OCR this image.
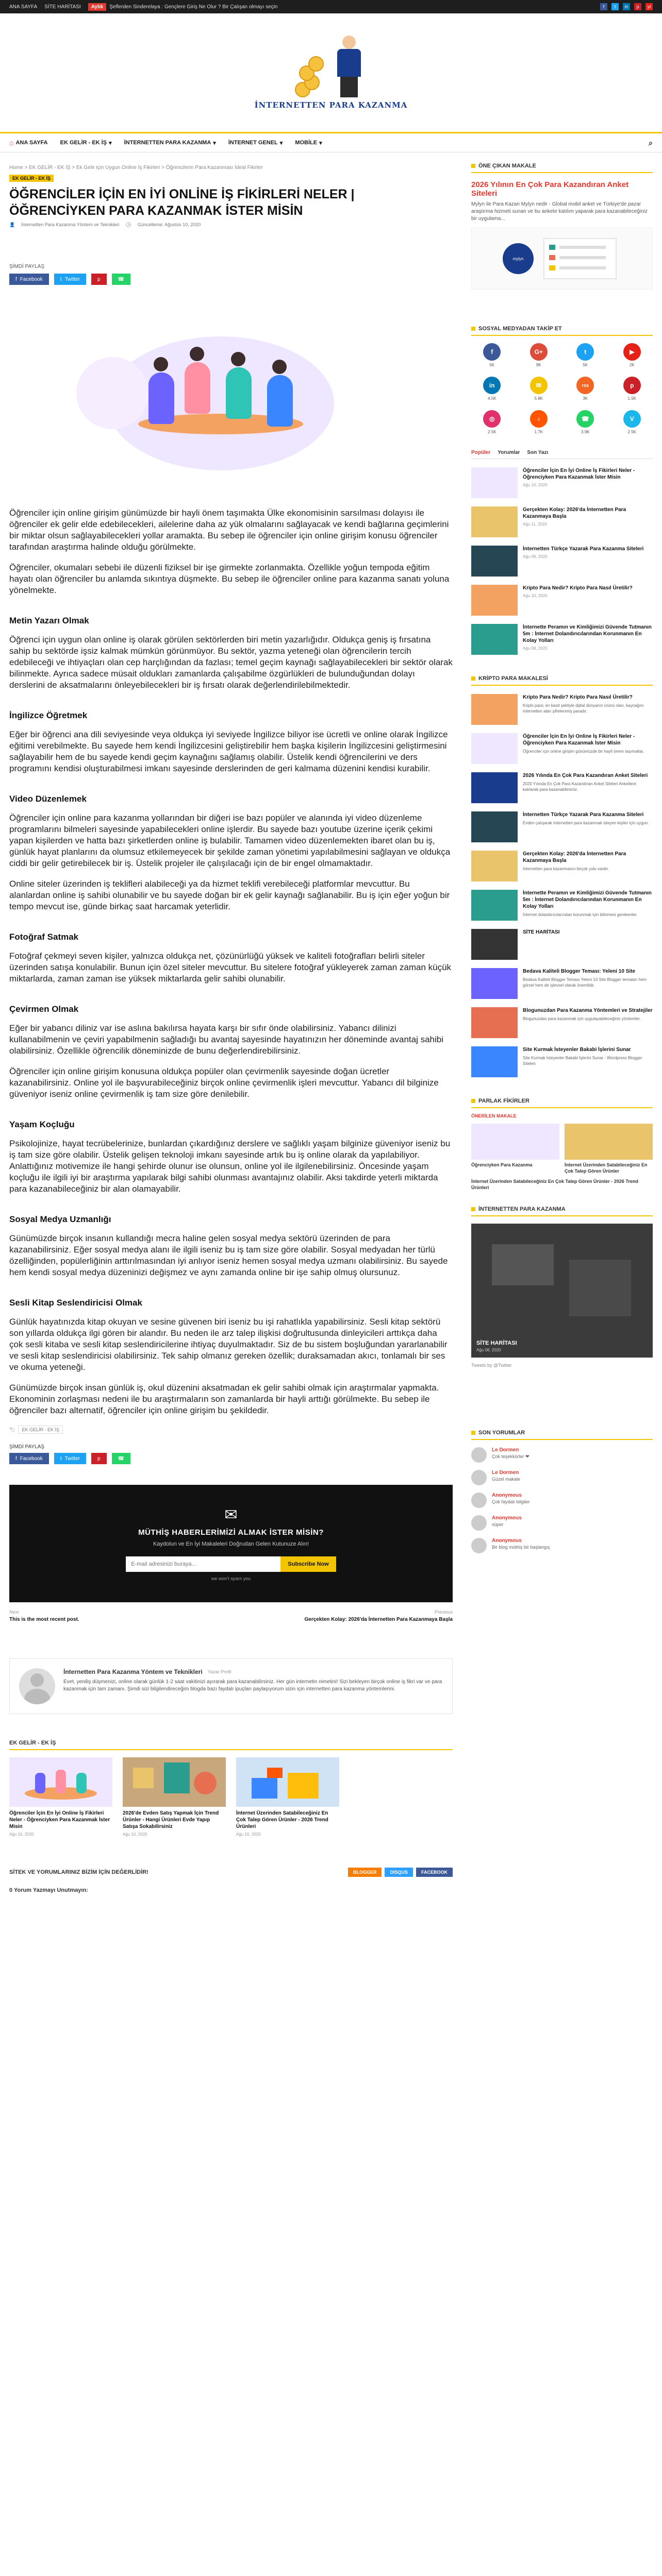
ANA SAYFA SİTE HARİTASI	Aylık Şeflerden Sinderelaya : Gençlere Giriş Ne Olur ? Bir Çalışan olmayı seçin	f	t	in	p	yt
İNTERNETTEN PARA KAZANMA
⌂ ANA SAYFA EK GELİR - EK İŞ ▾ İNTERNETTEN PARA KAZANMA ▾ İNTERNET GENEL ▾ MOBİLE ▾	⌕
Home > EK GELİR - EK İŞ > Ek Gelir için Uygun Online İş Fikirleri > Öğrencilerin Para Kazanması İdeal Fikirler
EK GELİR - EK İŞ
ÖĞRENCİLER İÇİN EN İYİ ONLİNE İŞ FİKİRLERİ NELER | ÖĞRENCİYKEN PARA KAZANMAK İSTER MİSİN
👤 İnternetten Para Kazanma Yöntem ve Teknikleri 🕓 Güncelleme: Ağustos 10, 2020
ŞİMDİ PAYLAŞ
f Facebook	t Twitter	p	☎

Öğrenciler için online girişim günümüzde bir hayli önem taşımakta Ülke ekonomisinin sarsılması dolayısı ile öğrenciler ek gelir elde edebilecekleri, ailelerine daha az yük olmalarını sağlayacak ve kendi bağlarına geçimlerini bir miktar olsun sağlayabilecekleri yollar aramakta. Bu sebep ile öğrenciler için online girişim konusu öğrenciler tarafından araştırma halinde olduğu görülmekte.

Öğrenciler, okumaları sebebi ile düzenli fiziksel bir işe girmekte zorlanmakta. Özellikle yoğun tempoda eğitim hayatı olan öğrenciler bu anlamda sıkıntıya düşmekte. Bu sebep ile öğrenciler online para kazanma sanatı yoluna yönelmekte.

Metin Yazarı Olmak

Öğrenci için uygun olan online iş olarak görülen sektörlerden biri metin yazarlığıdır. Oldukça geniş iş fırsatına sahip bu sektörde işsiz kalmak mümkün görünmüyor. Bu sektör, yazma yeteneği olan öğrencilerin tercih edebileceği ve ihtiyaçları olan cep harçlığından da fazlası; temel geçim kaynağı sağlayabilecekleri bir sektör olarak bilinmekte. Ayrıca sadece müsait oldukları zamanlarda çalışabilme özgürlükleri de bulunduğundan dolayı derslerini de aksatmalarını önleyebilecekleri bir iş fırsatı olarak değerlendirilebilmektedir.

İngilizce Öğretmek

Eğer bir öğrenci ana dili seviyesinde veya oldukça iyi seviyede İngilizce biliyor ise ücretli ve online olarak İngilizce eğitimi verebilmekte. Bu sayede hem kendi İngilizcesini geliştirebilir hem başka kişilerin İngilizcesini geliştirmesini sağlayabilir hem de bu sayede kendi geçim kaynağını sağlamış olabilir. Üstelik kendi öğrencilerini ve ders programını kendisi oluşturabilmesi imkanı sayesinde derslerinden de geri kalmama düzenini kendisi kurabilir.

Video Düzenlemek

Öğrenciler için online para kazanma yollarından bir diğeri ise bazı popüler ve alanında iyi video düzenleme programlarını bilmeleri sayesinde yapabilecekleri online işlerdir. Bu sayede bazı youtube üzerine içerik çekimi yapan kişilerden ve hatta bazı şirketlerden online iş bulabilir. Tamamen video düzenlemekten ibaret olan bu iş, günlük hayat planlarını da olumsuz etkilemeyecek bir şekilde zaman yönetimi yapılabilmesini sağlayan ve oldukça ciddi bir gelir getirebilecek bir iş. Üstelik projeler ile çalışılacağı için de bir engel olmamaktadır.

Online siteler üzerinden iş teklifleri alabileceği ya da hizmet teklifi verebileceği platformlar mevcuttur. Bu alanlardan online iş sahibi olunabilir ve bu sayede doğan bir ek gelir kaynağı sağlanabilir. Bu iş için eğer yoğun bir tempo mevcut ise, günde birkaç saat harcamak yeterlidir.

Fotoğraf Satmak

Fotoğraf çekmeyi seven kişiler, yalnızca oldukça net, çözünürlüğü yüksek ve kaliteli fotoğrafları belirli siteler üzerinden satışa konulabilir. Bunun için özel siteler mevcuttur. Bu sitelere fotoğraf yükleyerek zaman zaman küçük miktarlarda, zaman zaman ise yüksek miktarlarda gelir sahibi olunabilir.

Çevirmen Olmak

Eğer bir yabancı diliniz var ise aslına bakılırsa hayata karşı bir sıfır önde olabilirsiniz. Yabancı dilinizi kullanabilmenin ve çeviri yapabilmenin sağladığı bu avantaj sayesinde hayatınızın her döneminde avantaj sahibi olabilirsiniz. Özellikle öğrencilik döneminizde de bunu değerlendirebilirsiniz.

Öğrenciler için online girişim konusuna oldukça popüler olan çevirmenlik sayesinde doğan ücretler kazanabilirsiniz. Online yol ile başvurabileceğiniz birçok online çevirmenlik işleri mevcuttur. Yabancı dil bilginize güveniyor iseniz online çevirmenlik iş tam size göre denilebilir.

Yaşam Koçluğu

Psikolojinize, hayat tecrübelerinize, bunlardan çıkardığınız derslere ve sağlıklı yaşam bilginize güveniyor iseniz bu iş tam size göre olabilir. Üstelik gelişen teknoloji imkanı sayesinde artık bu iş online olarak da yapılabiliyor. Anlattığınız motivemize ile hangi şehirde olunur ise olunsun, online yol ile ilgilenebilirsiniz. Öncesinde yaşam koçluğu ile ilgili iyi bir araştırma yapılarak bilgi sahibi olunması avantajınız olabilir. Aksi takdirde yeterli miktarda para kazanabileceğiniz bir alan olamayabilir.

Sosyal Medya Uzmanlığı

Günümüzde birçok insanın kullandığı mecra haline gelen sosyal medya sektörü üzerinden de para kazanabilirsiniz. Eğer sosyal medya alanı ile ilgili iseniz bu iş tam size göre olabilir. Sosyal medyadan her türlü özelliğinden, popülerliğinin arttırılmasından iyi anlıyor iseniz hemen sosyal medya uzmanı olabilirsiniz. Bu sayede hem kendi sosyal medya düzeninizi değişmez ve aynı zamanda online bir işe sahip olmuş olursunuz.

Sesli Kitap Seslendiricisi Olmak

Günlük hayatınızda kitap okuyan ve sesine güvenen biri iseniz bu işi rahatlıkla yapabilirsiniz. Sesli kitap sektörü son yıllarda oldukça ilgi gören bir alandır. Bu neden ile arz talep ilişkisi doğrultusunda dinleyicileri arttıkça daha çok sesli kitaba ve sesli kitap seslendiricilerine ihtiyaç duyulmaktadır. Siz de bu sistem boşluğundan yararlanabilir ve sesli kitap seslendiricisi olabilirsiniz. Tek sahip olmanız gereken özellik; duraksamadan akıcı, tonlamalı bir ses ve okuma yeteneği.

Günümüzde birçok insan günlük iş, okul düzenini aksatmadan ek gelir sahibi olmak için araştırmalar yapmakta. Ekonominin zorlaşması nedeni ile bu araştırmaların son zamanlarda bir hayli arttığı görülmekte. Bu sebep ile öğrenciler bazı alternatif, öğrenciler için online girişim bu şekildedir.

🏷	EK GELİR - EK İŞ
ŞİMDİ PAYLAŞ
f Facebook	t Twitter	p	☎
✉
MÜTHİŞ HABERLERİMİZİ ALMAK İSTER MİSİN?
Kaydolun ve En İyi Makaleleri Doğrudan Gelen Kutunuze Alın!
E-mail adresinizi buraya...
Subscribe Now
we won't spam you
Next
This is the most recent post.
Previous
Gerçekten Kolay: 2026'da İnternetten Para Kazanmaya Başla
İnternetten Para Kazanma Yöntem ve Teknikleri Yazar Profil
Evet, yeniliş düşmenizi, online olarak günlük 1-2 saat vakitinizi ayırarak para kazanabilirsiniz. Her gün internetin nimetini! Sizi bekleyen birçok online iş fikri var ve para kazanmak için tam zamanı. Şimdi sizi bilgilendireceğim blogda bazı faydalı ipuçları paylaşıyorum sizin için internetten para kazanma yöntemlerini.
EK GELİR - EK İŞ
Öğrenciler İçin En İyi Online İş Fikirleri Neler - Öğrenciyken Para Kazanmak İster Misin
Ağu 10, 2020
2026'de Evden Satış Yapmak İçin Trend Ürünler - Hangi Ürünleri Evde Yapıp Satışa Sokabilirsiniz
Ağu 10, 2020
İnternet Üzerinden Satabileceğiniz En Çok Talep Gören Ürünler - 2026 Trend Ürünleri
Ağu 10, 2020
SİTEK VE YORUMLARINIZ BİZİM İÇİN DEĞERLİDİR!	BLOGGER	DISQUS	FACEBOOK
0 Yorum Yazmayı Unutmayın:
ÖNE ÇIKAN MAKALE
2026 Yılının En Çok Para Kazandıran Anket Siteleri
Mylyn ile Para Kazan Mylyn nedir - Global mobil anket ve Türkiye'de pazar araştırma hizmeti sunan ve bu ankete katılım yaparak para kazanabileceğiniz bir uygulama...
mylyn
SOSYAL MEDYADAN TAKİP ET
f
5K
G+
9K
t
5K
▶
2K
in
4.5K
✉
5.8K
rss
3K
p
1.5K
◎
2.5K
♪
1.7K
☎
3.9K
V
2.5K
Popüler Yorumlar Son Yazı
Öğrenciler İçin En İyi Online İş Fikirleri Neler - Öğrenciyken Para Kazanmak İster Misin
Ağu 10, 2020
Gerçekten Kolay: 2026'da İnternetten Para Kazanmaya Başla
Ağu 11, 2020
İnternetten Türkçe Yazarak Para Kazanma Siteleri
Ağu 09, 2020
Kripto Para Nedir? Kripto Para Nasıl Üretilir?
Ağu 10, 2020
İnternette Peramın ve Kimliğimizi Güvende Tutmanın 5m : İnternet Dolandırıcılarından Korunmanın En Kolay Yolları
Ağu 08, 2020
KRİPTO PARA MAKALESİ
Kripto Para Nedir? Kripto Para Nasıl Üretilir?
Kripto para; en basit şekliyle dijital dünyanın ürünü olan, kaynağını internetten alan şifrelenmiş paradır.
Öğrenciler İçin En İyi Online İş Fikirleri Neler - Öğrenciyken Para Kazanmak İster Misin
Öğrenciler için online girişim günümüzde bir hayli önem taşımakta.
2026 Yılında En Çok Para Kazandıran Anket Siteleri
2020 Yılında En Çok Para Kazandıran Anket Siteleri Anketlere katılarak para kazanabilirsiniz.
İnternetten Türkçe Yazarak Para Kazanma Siteleri
Evden çalışarak internetten para kazanmak isteyen kişiler için uygun.
Gerçekten Kolay: 2026'da İnternetten Para Kazanmaya Başla
İnternetten para kazanmanın birçok yolu vardır.
İnternette Peramın ve Kimliğimizi Güvende Tutmanın 5m : İnternet Dolandırıcılarından Korunmanın En Kolay Yolları
İnternet dolandırıcılarından korunmak için bilinmesi gerekenler.
SİTE HARİTASI
Bedava Kaliteli Blogger Teması: Yeleni 10 Site
Bedava Kaliteli Blogger Teması Yeleni 10 Site Blogger temaları hem görsel hem de işlevsel olarak önemlidir.
Blogunuzdan Para Kazanma Yöntemleri ve Stratejiler
Blogunuzdan para kazanmak için uygulayabileceğiniz yöntemler.
Site Kurmak İsteyenler Bakabi İşlerini Sunar
Site Kurmak İsteyenler Bakabi İşlerini Sunar - Wordpress Blogger Siteleri.
PARLAK FİKİRLER
ÖNERİLEN MAKALE
Öğrenciyken Para Kazanma	İnternet Üzerinden Satabileceğiniz En Çok Talep Gören Ürünler
İnternet Üzerinden Satabileceğiniz En Çok Talep Gören Ürünler - 2026 Trend Ürünleri
İNTERNETTEN PARA KAZANMA
SİTE HARİTASI
Ağu 08, 2020
Tweets by @Twitter
SON YORUMLAR
Le Dormen
Çok teşekkürler ❤
Le Dormen
Güzel makale
Anonymous
Çok faydalı bilgiler
Anonymous
süper
Anonymous
Bir blog müthiş bir başlangıç
